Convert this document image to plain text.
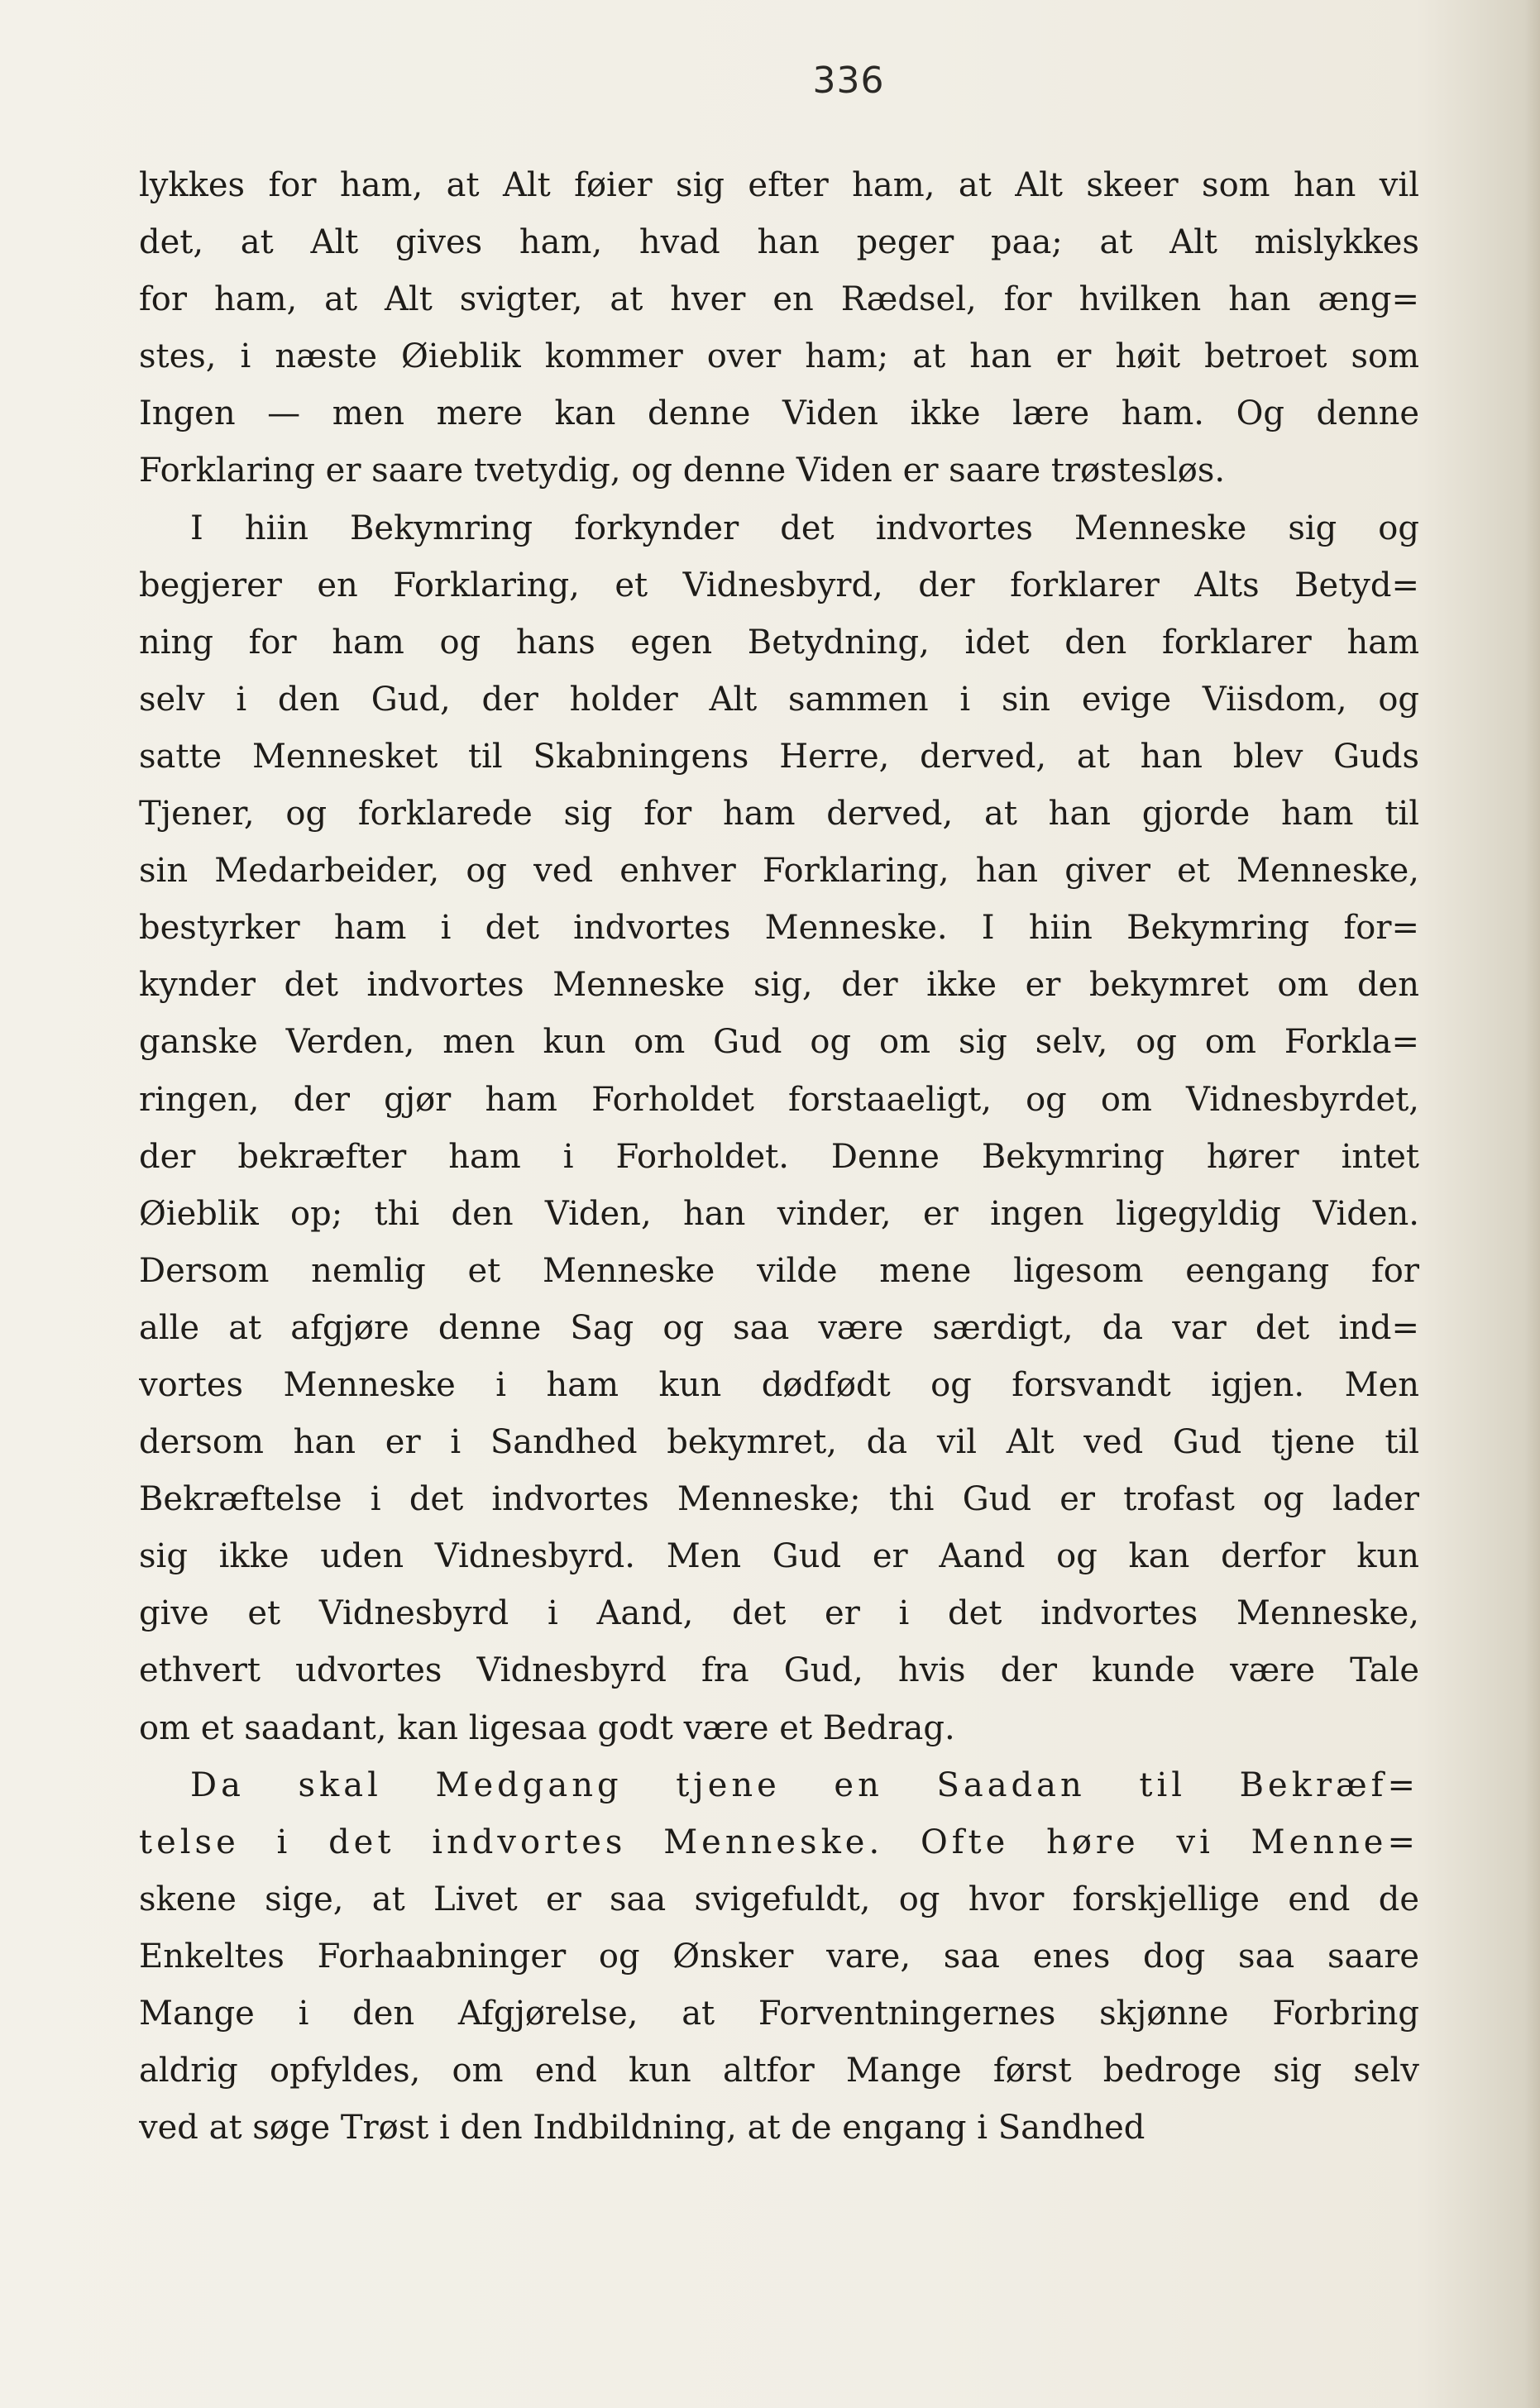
336
lykkes for ham, at Alt føier sig efter ham, at Alt skeer som han vil
det, at Alt gives ham, hvad han peger paa; at Alt mislykkes
for ham, at Alt svigter, at hver en Rædsel, for hvilken han æng=
stes, i næste Øieblik kommer over ham; at han er høit betroet som
Ingen — men mere kan denne Viden ikke lære ham. Og denne
Forklaring er saare tvetydig, og denne Viden er saare trøstesløs.
I hiin Bekymring forkynder det indvortes Menneske sig og
begjerer en Forklaring, et Vidnesbyrd, der forklarer Alts Betyd=
ning for ham og hans egen Betydning, idet den forklarer ham
selv i den Gud, der holder Alt sammen i sin evige Viisdom, og
satte Mennesket til Skabningens Herre, derved, at han blev Guds
Tjener, og forklarede sig for ham derved, at han gjorde ham til
sin Medarbeider, og ved enhver Forklaring, han giver et Menneske,
bestyrker ham i det indvortes Menneske. I hiin Bekymring for=
kynder det indvortes Menneske sig, der ikke er bekymret om den
ganske Verden, men kun om Gud og om sig selv, og om Forkla=
ringen, der gjør ham Forholdet forstaaeligt, og om Vidnesbyrdet,
der bekræfter ham i Forholdet. Denne Bekymring hører intet
Øieblik op; thi den Viden, han vinder, er ingen ligegyldig Viden.
Dersom nemlig et Menneske vilde mene ligesom eengang for
alle at afgjøre denne Sag og saa være særdigt, da var det ind=
vortes Menneske i ham kun dødfødt og forsvandt igjen. Men
dersom han er i Sandhed bekymret, da vil Alt ved Gud tjene til
Bekræftelse i det indvortes Menneske; thi Gud er trofast og lader
sig ikke uden Vidnesbyrd. Men Gud er Aand og kan derfor kun
give et Vidnesbyrd i Aand, det er i det indvortes Menneske,
ethvert udvortes Vidnesbyrd fra Gud, hvis der kunde være Tale
om et saadant, kan ligesaa godt være et Bedrag.
Da skal Medgang tjene en Saadan til Bekræf=
telse i det indvortes Menneske. Ofte høre vi Menne=
skene sige, at Livet er saa svigefuldt, og hvor forskjellige end de
Enkeltes Forhaabninger og Ønsker vare, saa enes dog saa saare
Mange i den Afgjørelse, at Forventningernes skjønne Forbring
aldrig opfyldes, om end kun altfor Mange først bedroge sig selv
ved at søge Trøst i den Indbildning, at de engang i Sandhed
